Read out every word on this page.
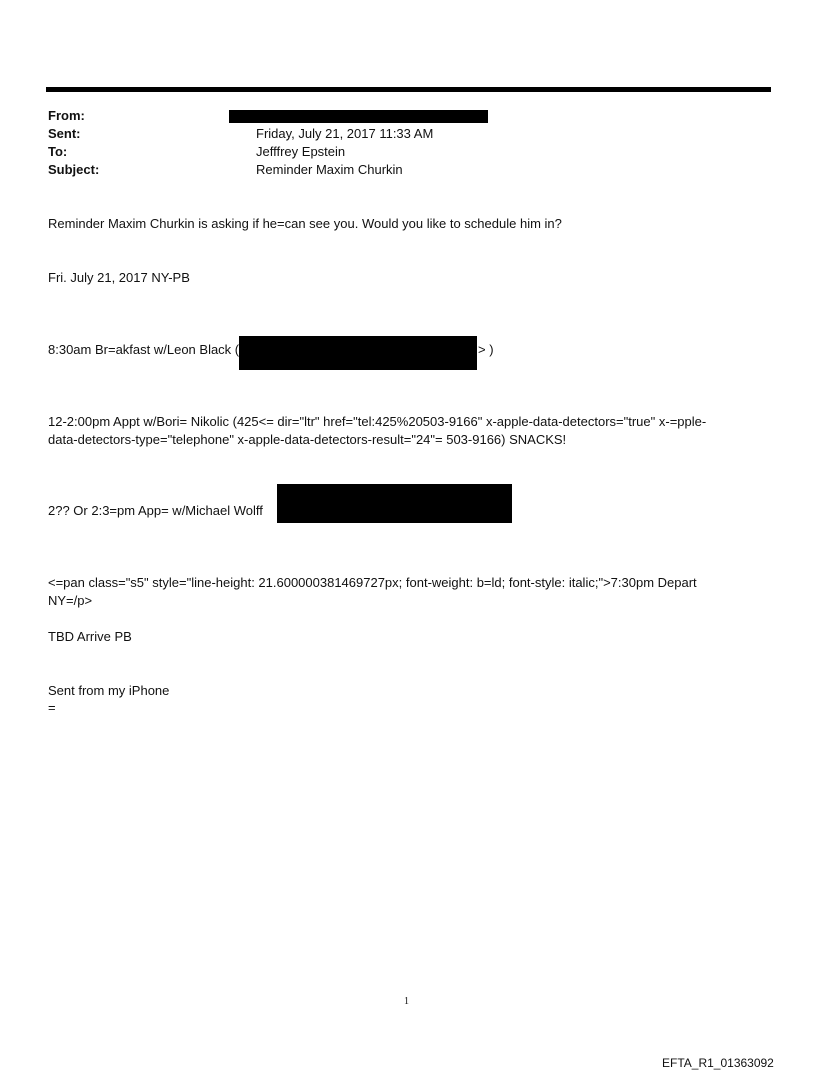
From:
Sent:	Friday, July 21, 2017 11:33 AM
To:	Jefffrey Epstein
Subject:	Reminder Maxim Churkin
Reminder Maxim Churkin is asking if he=can see you. Would you like to schedule him in?
Fri. July 21, 2017 NY-PB
8:30am Br=akfast w/Leon Black (	> )
12-2:00pm Appt w/Bori= Nikolic (425<= dir="ltr" href="tel:425%20503-9166" x-apple-data-detectors="true" x-=pple-
data-detectors-type="telephone" x-apple-data-detectors-result="24"= 503-9166) SNACKS!
2?? Or 2:3=pm App= w/Michael Wolff
<=pan class="s5" style="line-height: 21.600000381469727px; font-weight: b=ld; font-style: italic;">7:30pm Depart
NY=/p>
TBD Arrive PB
Sent from my iPhone
=
1
EFTA_R1_01363092
